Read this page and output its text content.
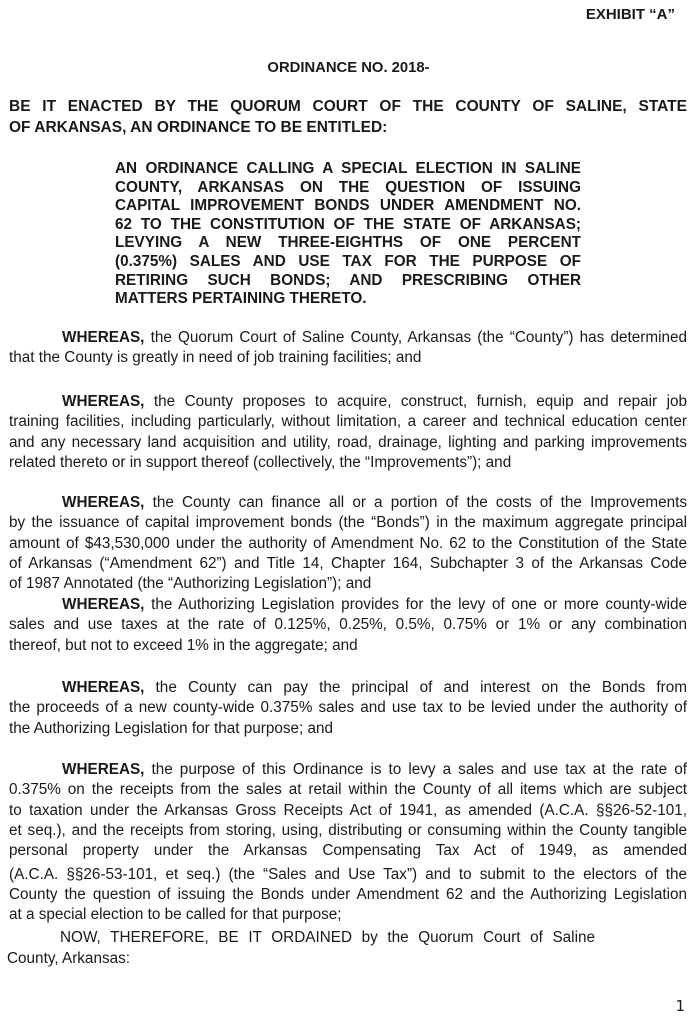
EXHIBIT “A”
ORDINANCE NO. 2018-
BE IT ENACTED BY THE QUORUM COURT OF THE COUNTY OF SALINE, STATE
OF ARKANSAS, AN ORDINANCE TO BE ENTITLED:
AN ORDINANCE CALLING A SPECIAL ELECTION IN SALINE
COUNTY, ARKANSAS ON THE QUESTION OF ISSUING
CAPITAL IMPROVEMENT BONDS UNDER AMENDMENT NO.
62 TO THE CONSTITUTION OF THE STATE OF ARKANSAS;
LEVYING A NEW THREE-EIGHTHS OF ONE PERCENT
(0.375%) SALES AND USE TAX FOR THE PURPOSE OF
RETIRING SUCH BONDS; AND PRESCRIBING OTHER
MATTERS PERTAINING THERETO.
WHEREAS, the Quorum Court of Saline County, Arkansas (the “County”) has determined
that the County is greatly in need of job training facilities; and
WHEREAS, the County proposes to acquire, construct, furnish, equip and repair job
training facilities, including particularly, without limitation, a career and technical education center
and any necessary land acquisition and utility, road, drainage, lighting and parking improvements
related thereto or in support thereof (collectively, the “Improvements”); and
WHEREAS, the County can finance all or a portion of the costs of the Improvements
by the issuance of capital improvement bonds (the “Bonds”) in the maximum aggregate principal
amount of $43,530,000 under the authority of Amendment No. 62 to the Constitution of the State
of Arkansas (“Amendment 62”) and Title 14, Chapter 164, Subchapter 3 of the Arkansas Code
of 1987 Annotated (the “Authorizing Legislation”); and
WHEREAS, the Authorizing Legislation provides for the levy of one or more county-wide
sales and use taxes at the rate of 0.125%, 0.25%, 0.5%, 0.75% or 1% or any combination
thereof, but not to exceed 1% in the aggregate; and
WHEREAS, the County can pay the principal of and interest on the Bonds from
the proceeds of a new county-wide 0.375% sales and use tax to be levied under the authority of
the Authorizing Legislation for that purpose; and
WHEREAS, the purpose of this Ordinance is to levy a sales and use tax at the rate of
0.375% on the receipts from the sales at retail within the County of all items which are subject
to taxation under the Arkansas Gross Receipts Act of 1941, as amended (A.C.A. §§26-52-101,
et seq.), and the receipts from storing, using, distributing or consuming within the County tangible
personal property under the Arkansas Compensating Tax Act of 1949, as amended
(A.C.A. §§26-53-101, et seq.) (the “Sales and Use Tax”) and to submit to the electors of the
County the question of issuing the Bonds under Amendment 62 and the Authorizing Legislation
at a special election to be called for that purpose;
NOW, THEREFORE, BE IT ORDAINED by the Quorum Court of Saline
County, Arkansas:
1
